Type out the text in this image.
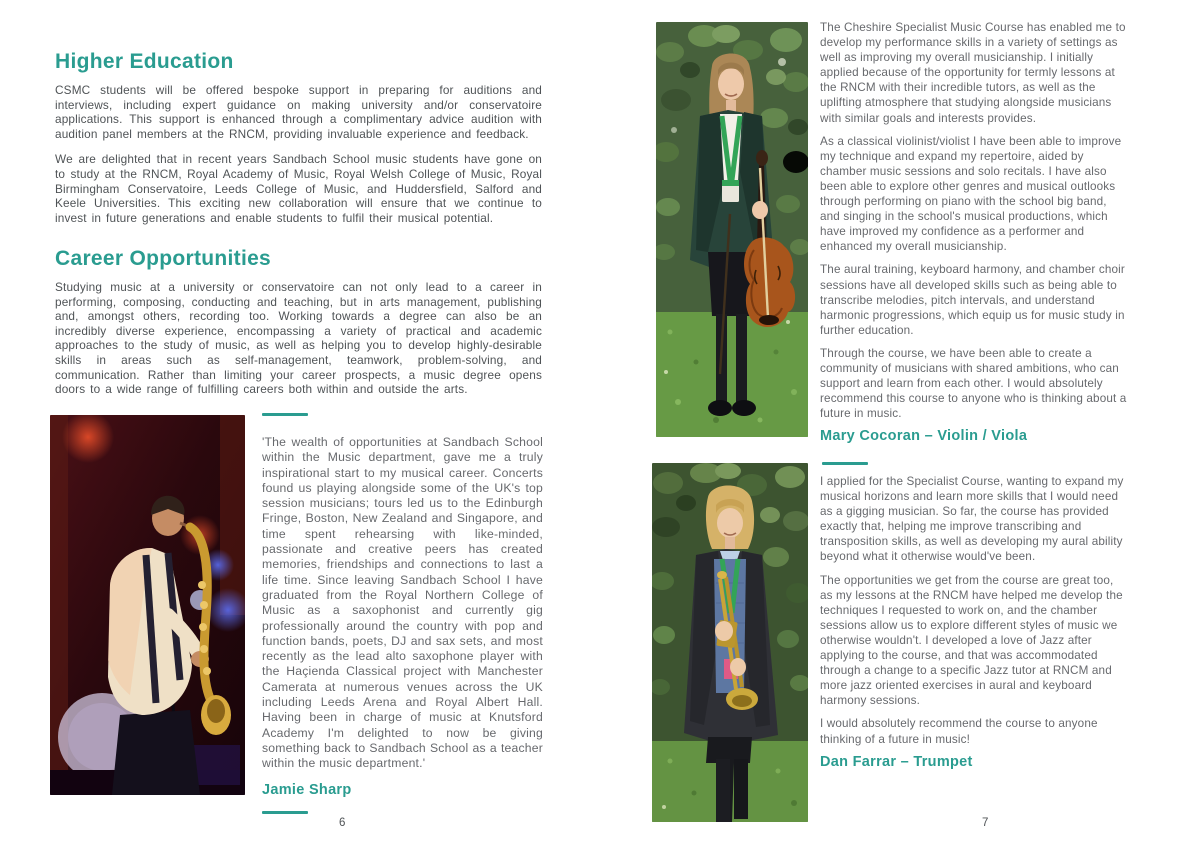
Higher Education

CSMC students will be offered bespoke support in preparing for auditions and interviews, including expert guidance on making university and/or conservatoire applications. This support is enhanced through a complimentary advice audition with audition panel members at the RNCM, providing invaluable experience and feedback.

We are delighted that in recent years Sandbach School music students have gone on to study at the RNCM, Royal Academy of Music, Royal Welsh College of Music, Royal Birmingham Conservatoire, Leeds College of Music, and Huddersfield, Salford and Keele Universities. This exciting new collaboration will ensure that we continue to invest in future generations and enable students to fulfil their musical potential.

Career Opportunities

Studying music at a university or conservatoire can not only lead to a career in performing, composing, conducting and teaching, but in arts management, publishing and, amongst others, recording too. Working towards a degree can also be an incredibly diverse experience, encompassing a variety of practical and academic approaches to the study of music, as well as helping you to develop highly-desirable skills in areas such as self-management, teamwork, problem-solving, and communication. Rather than limiting your career prospects, a music degree opens doors to a wide range of fulfilling careers both within and outside the arts.

'The wealth of opportunities at Sandbach School within the Music department, gave me a truly inspirational start to my musical career. Concerts found us playing alongside some of the UK's top session musicians; tours led us to the Edinburgh Fringe, Boston, New Zealand and Singapore, and time spent rehearsing with like-minded, passionate and creative peers has created memories, friendships and connections to last a life time. Since leaving Sandbach School I have graduated from the Royal Northern College of Music as a saxophonist and currently gig professionally around the country with pop and function bands, poets, DJ and sax sets, and most recently as the lead alto saxophone player with the Haçienda Classical project with Manchester Camerata at numerous venues across the UK including Leeds Arena and Royal Albert Hall. Having been in charge of music at Knutsford Academy I'm delighted to now be giving something back to Sandbach School as a teacher within the music department.'

Jamie Sharp
6

The Cheshire Specialist Music Course has enabled me to develop my performance skills in a variety of settings as well as improving my overall musicianship. I initially applied because of the opportunity for termly lessons at the RNCM with their incredible tutors, as well as the uplifting atmosphere that studying alongside musicians with similar goals and interests provides.

As a classical violinist/violist I have been able to improve my technique and expand my repertoire, aided by chamber music sessions and solo recitals. I have also been able to explore other genres and musical outlooks through performing on piano with the school big band, and singing in the school's musical productions, which have improved my confidence as a performer and enhanced my overall musicianship.

The aural training, keyboard harmony, and chamber choir sessions have all developed skills such as being able to transcribe melodies, pitch intervals, and understand harmonic progressions, which equip us for music study in further education.

Through the course, we have been able to create a community of musicians with shared ambitions, who can support and learn from each other. I would absolutely recommend this course to anyone who is thinking about a future in music.

Mary Cocoran – Violin / Viola

I applied for the Specialist Course, wanting to expand my musical horizons and learn more skills that I would need as a gigging musician. So far, the course has provided exactly that, helping me improve transcribing and transposition skills, as well as developing my aural ability beyond what it otherwise would've been.

The opportunities we get from the course are great too, as my lessons at the RNCM have helped me develop the techniques I requested to work on, and the chamber sessions allow us to explore different styles of music we otherwise wouldn't. I developed a love of Jazz after applying to the course, and that was accommodated through a change to a specific Jazz tutor at RNCM and more jazz oriented exercises in aural and keyboard harmony sessions.

I would absolutely recommend the course to anyone thinking of a future in music!

Dan Farrar – Trumpet
7
